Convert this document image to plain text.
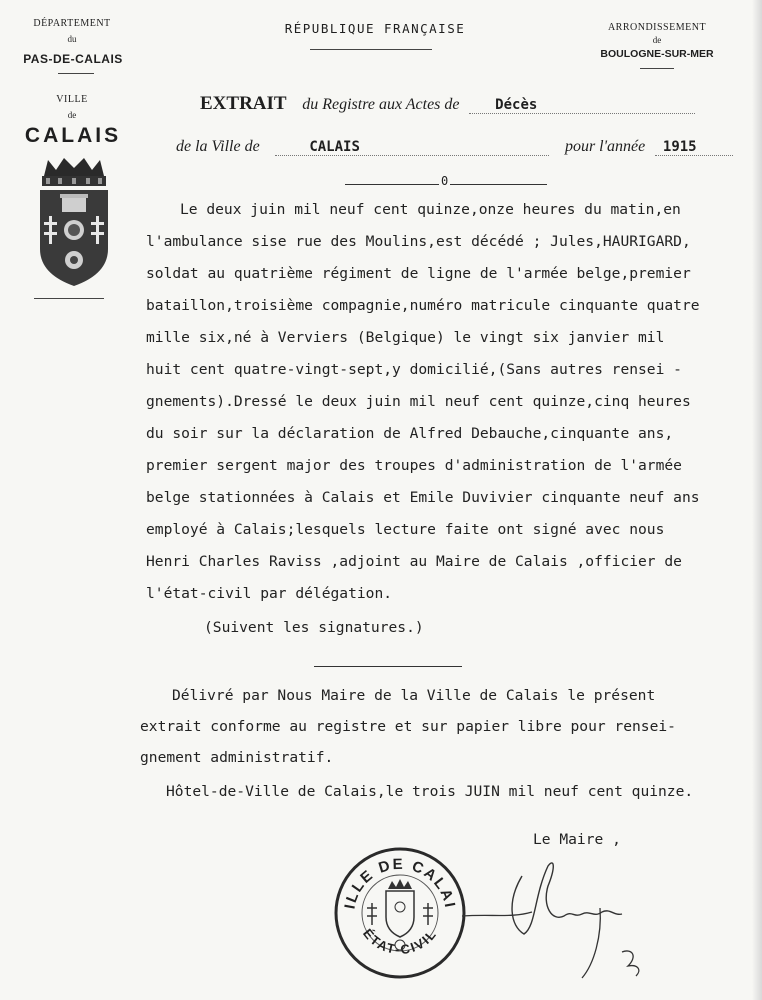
DÉPARTEMENT
du
PAS-DE-CALAIS
VILLE
de
CALAIS
RÉPUBLIQUE FRANÇAISE	ARRONDISSEMENT
de
BOULOGNE-SUR-MER
EXTRAIT du Registre aux Actes de	Décès
de la Ville de	CALAIS	pour l'année 1915
0
Le deux juin mil neuf cent quinze,onze heures du matin,en
l'ambulance sise rue des Moulins,est décédé ; Jules,HAURIGARD,
soldat au quatrième régiment de ligne de l'armée belge,premier
bataillon,troisième compagnie,numéro matricule cinquante quatre
mille six,né à Verviers (Belgique) le vingt six janvier mil
huit cent quatre-vingt-sept,y domicilié,(Sans autres rensei -
gnements).Dressé le deux juin mil neuf cent quinze,cinq heures
du soir sur la déclaration de Alfred Debauche,cinquante ans,
premier sergent major des troupes d'administration de l'armée
belge stationnées à Calais et Emile Duvivier cinquante neuf ans
employé à Calais;lesquels lecture faite ont signé avec nous
Henri Charles Raviss ,adjoint au Maire de Calais ,officier de
l'état-civil par délégation.
(Suivent les signatures.)
Délivré par Nous Maire de la Ville de Calais le présent
extrait conforme au registre et sur papier libre pour rensei-
gnement administratif.
Hôtel-de-Ville de Calais,le trois JUIN mil neuf cent quinze.
Le Maire ,
ILLE DE CALAI
ÉTAT-CIVIL
